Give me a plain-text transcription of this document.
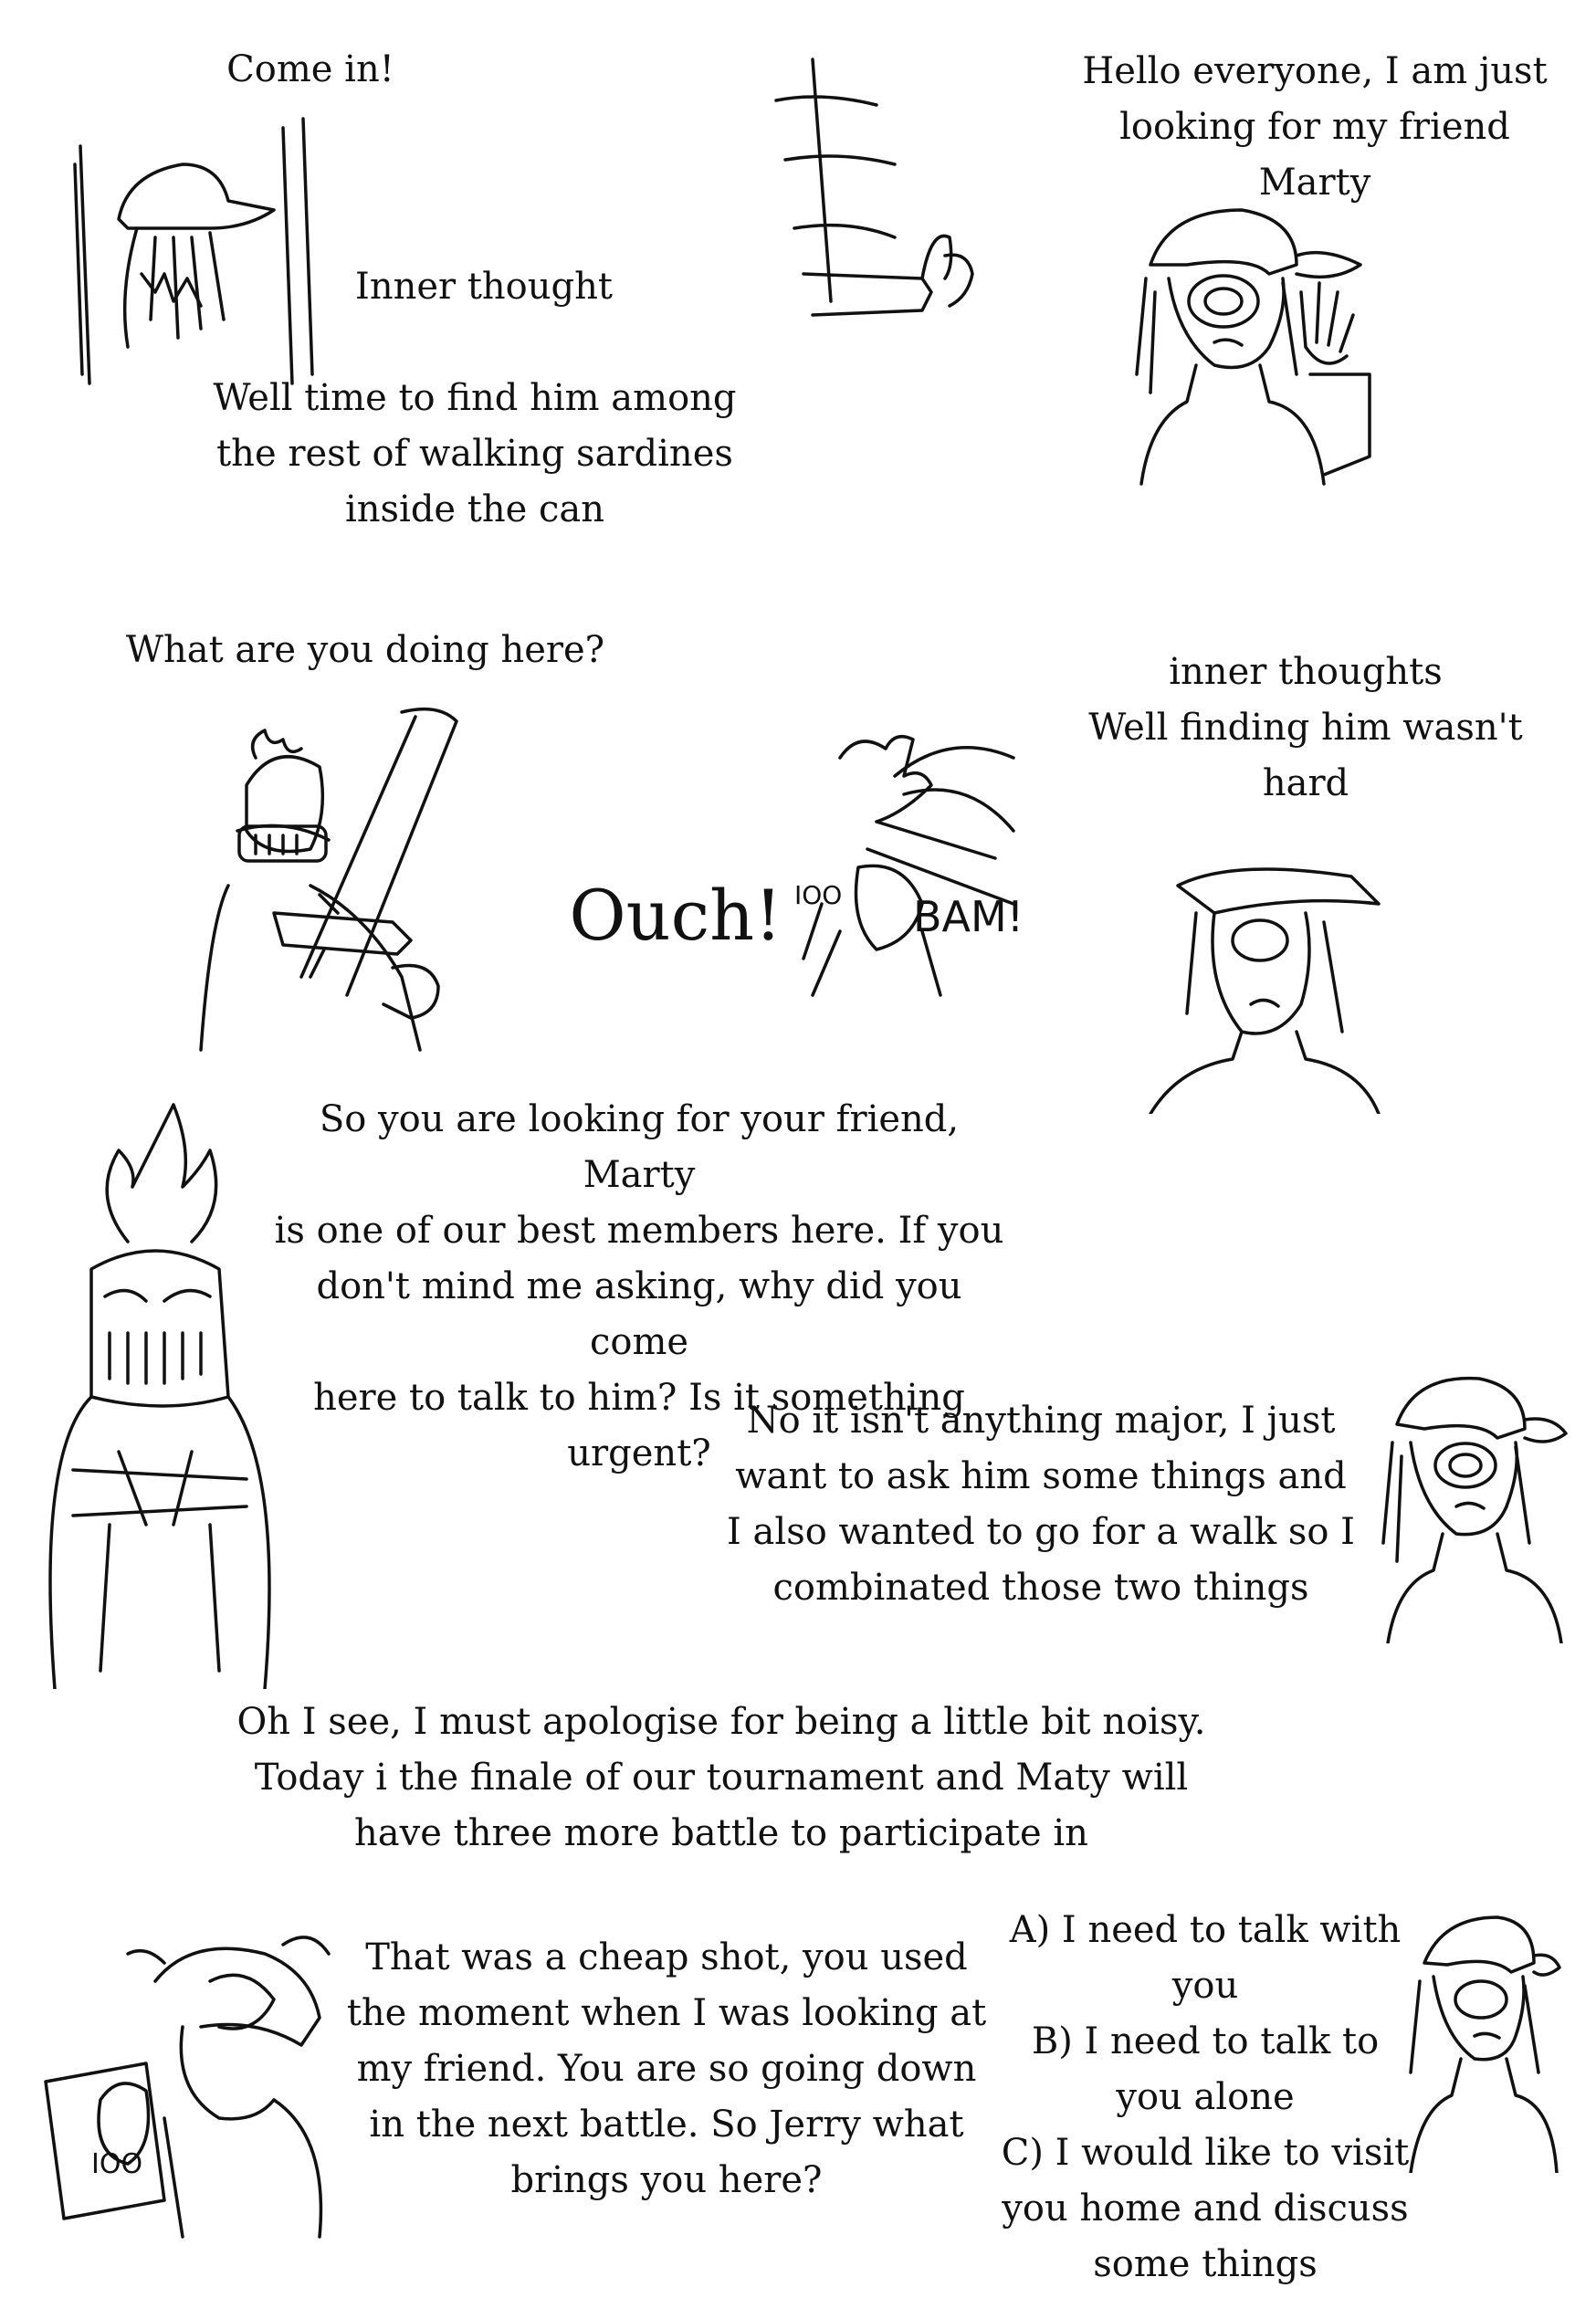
Come in!
Inner thought
Well time to find him among
the rest of walking sardines
inside the can
Hello everyone, I am just
looking for my friend
Marty
What are you doing here?
Ouch!	BAM!
ΙΟΟ
inner thoughts
Well finding him wasn't
hard
So you are looking for your friend, Marty
is one of our best members here. If you
don't mind me asking, why did you come
here to talk to him? Is it something
urgent?
No it isn't anything major, I just
want to ask him some things and
I also wanted to go for a walk so I
combinated those two things
Oh I see, I must apologise for being a little bit noisy.
Today i the finale of our tournament and Maty will
have three more battle to participate in
ΙΟΟ
That was a cheap shot, you used
the moment when I was looking at
my friend. You are so going down
in the next battle. So Jerry what
brings you here?
A) I need to talk with
you
B) I need to talk to
you alone
C) I would like to visit
you home and discuss
some things
